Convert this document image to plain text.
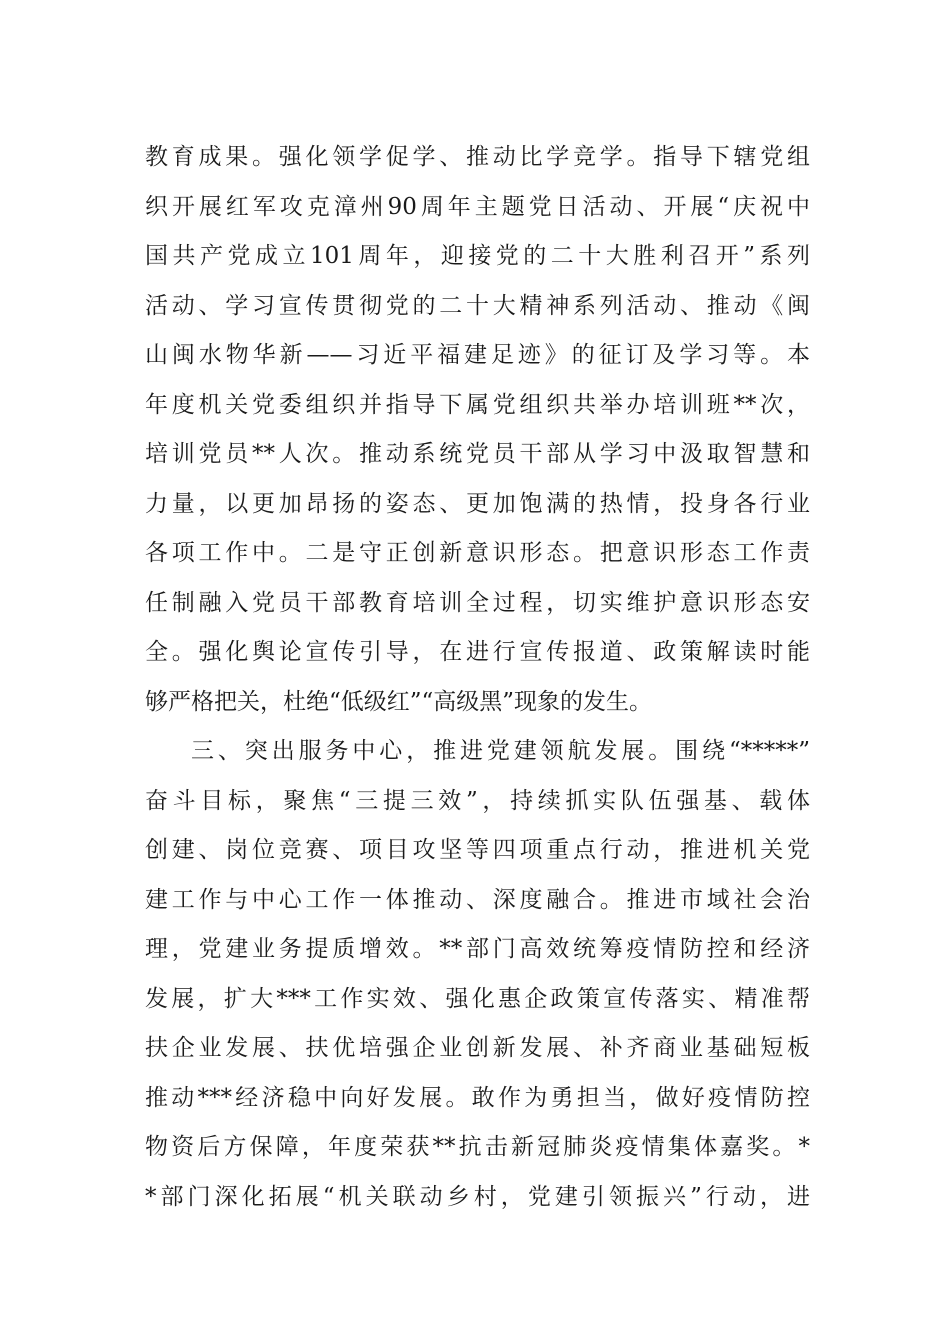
教育成果。强化领学促学、推动比学竞学。指导下辖党组
织开展红军攻克漳州90周年主题党日活动、开展“庆祝中
国共产党成立101周年，迎接党的二十大胜利召开”系列
活动、学习宣传贯彻党的二十大精神系列活动、推动《闽
山闽水物华新——习近平福建足迹》的征订及学习等。本
年度机关党委组织并指导下属党组织共举办培训班**次，
培训党员**人次。推动系统党员干部从学习中汲取智慧和
力量，以更加昂扬的姿态、更加饱满的热情，投身各行业
各项工作中。二是守正创新意识形态。把意识形态工作责
任制融入党员干部教育培训全过程，切实维护意识形态安
全。强化舆论宣传引导，在进行宣传报道、政策解读时能
够严格把关，杜绝“低级红”“高级黑”现象的发生。
三、突出服务中心，推进党建领航发展。围绕“*****”
奋斗目标，聚焦“三提三效”，持续抓实队伍强基、载体
创建、岗位竞赛、项目攻坚等四项重点行动，推进机关党
建工作与中心工作一体推动、深度融合。推进市域社会治
理，党建业务提质增效。**部门高效统筹疫情防控和经济
发展，扩大***工作实效、强化惠企政策宣传落实、精准帮
扶企业发展、扶优培强企业创新发展、补齐商业基础短板
推动***经济稳中向好发展。敢作为勇担当，做好疫情防控
物资后方保障，年度荣获**抗击新冠肺炎疫情集体嘉奖。*
*部门深化拓展“机关联动乡村，党建引领振兴”行动，进
